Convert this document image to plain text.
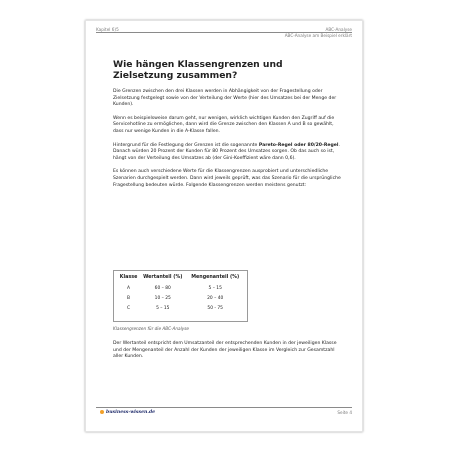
Kapitel 6)5	ABC-Analyse
ABC-Analyse am Beispiel erklärt
Wie hängen Klassengrenzen und Zielsetzung zusammen?

Die Grenzen zwischen den drei Klassen werden in Abhängigkeit von der Fragestellung oder Zielsetzung festgelegt sowie von der Verteilung der Werte (hier des Umsatzes bei der Menge der Kunden).

Wenn es beispielsweise darum geht, nur wenigen, wirklich wichtigen Kunden den Zugriff auf die Servicehotline zu ermöglichen, dann wird die Grenze zwischen den Klassen A und B so gewählt, dass nur wenige Kunden in die A-Klasse fallen.

Hintergrund für die Festlegung der Grenzen ist die sogenannte Pareto-Regel oder 80/20-Regel. Danach würden 20 Prozent der Kunden für 80 Prozent des Umsatzes sorgen. Ob das auch so ist, hängt von der Verteilung des Umsatzes ab (der Gini-Koeffizient wäre dann 0,6).

Es können auch verschiedene Werte für die Klassengrenzen ausprobiert und unterschiedliche Szenarien durchgespielt werden. Dann wird jeweils geprüft, was das Szenario für die ursprüngliche Fragestellung bedeuten würde. Folgende Klassengrenzen werden meistens genutzt:

Klasse	Wertanteil (%)	Mengenanteil (%)
A	60 – 80	5 – 15
B	10 – 25	20 – 40
C	5 – 15	50 - 75
Klassengrenzen für die ABC-Analyse

Der Wertanteil entspricht dem Umsatzanteil der entsprechenden Kunden in der jeweiligen Klasse und der Mengenanteil der Anzahl der Kunden der jeweiligen Klasse im Vergleich zur Gesamtzahl aller Kunden.

business-wissen.de	Seite 4
